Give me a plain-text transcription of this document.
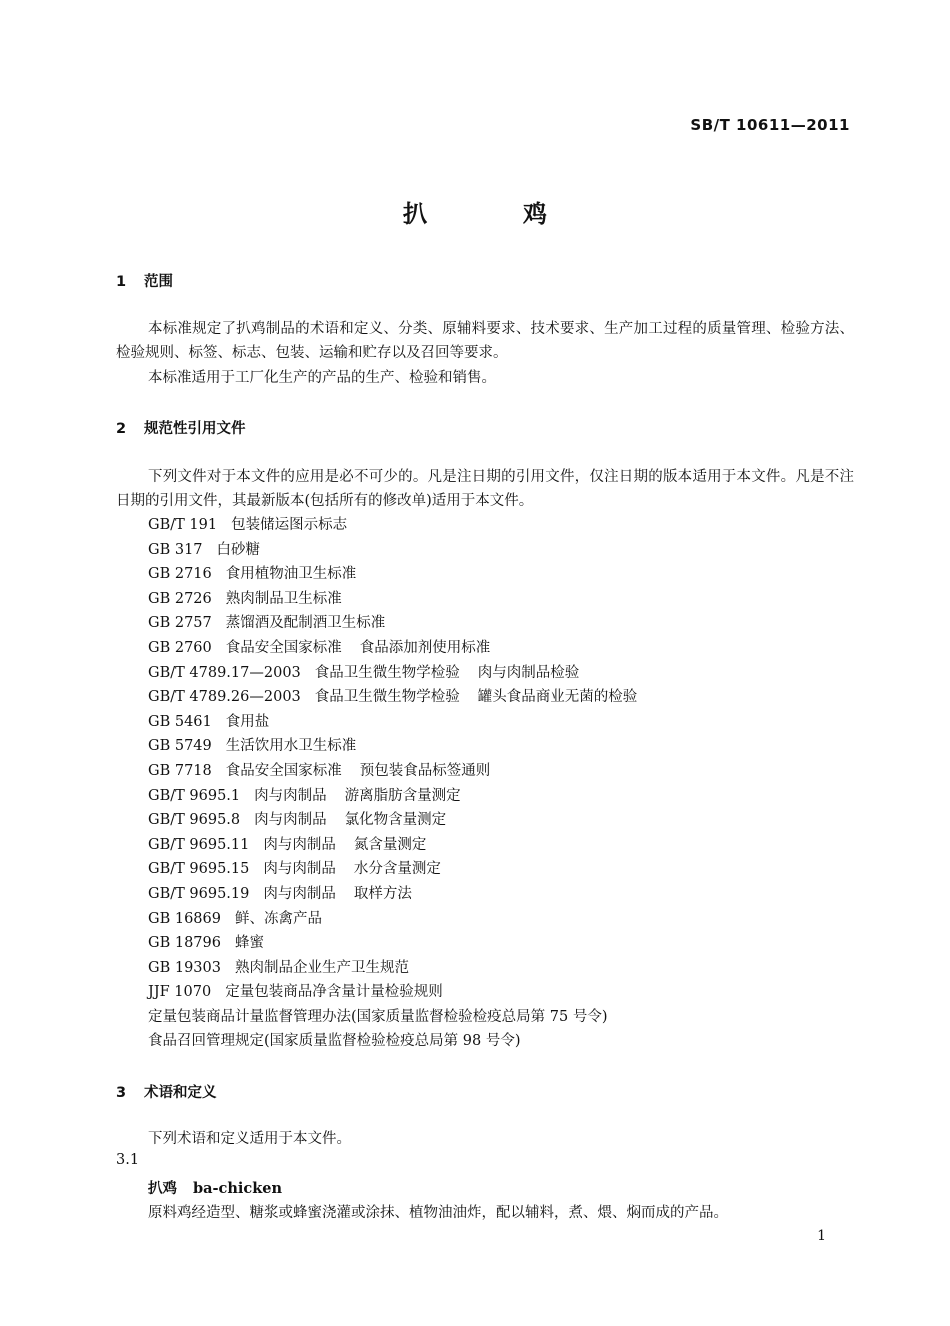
SB/T 10611—2011
扒	鸡
1 范围

本标准规定了扒鸡制品的术语和定义、分类、原辅料要求、技术要求、生产加工过程的质量管理、检验方法、检验规则、标签、标志、包装、运输和贮存以及召回等要求。

本标准适用于工厂化生产的产品的生产、检验和销售。

2 规范性引用文件

下列文件对于本文件的应用是必不可少的。凡是注日期的引用文件，仅注日期的版本适用于本文件。凡是不注日期的引用文件，其最新版本(包括所有的修改单)适用于本文件。

GB/T 191 包装储运图示标志
GB 317 白砂糖
GB 2716 食用植物油卫生标准
GB 2726 熟肉制品卫生标准
GB 2757 蒸馏酒及配制酒卫生标准
GB 2760 食品安全国家标准 食品添加剂使用标准
GB/T 4789.17—2003 食品卫生微生物学检验 肉与肉制品检验
GB/T 4789.26—2003 食品卫生微生物学检验 罐头食品商业无菌的检验
GB 5461 食用盐
GB 5749 生活饮用水卫生标准
GB 7718 食品安全国家标准 预包装食品标签通则
GB/T 9695.1 肉与肉制品 游离脂肪含量测定
GB/T 9695.8 肉与肉制品 氯化物含量测定
GB/T 9695.11 肉与肉制品 氮含量测定
GB/T 9695.15 肉与肉制品 水分含量测定
GB/T 9695.19 肉与肉制品 取样方法
GB 16869 鲜、冻禽产品
GB 18796 蜂蜜
GB 19303 熟肉制品企业生产卫生规范
JJF 1070 定量包装商品净含量计量检验规则
定量包装商品计量监督管理办法(国家质量监督检验检疫总局第 75 号令)
食品召回管理规定(国家质量监督检验检疫总局第 98 号令)
3 术语和定义

下列术语和定义适用于本文件。

3.1
扒鸡 ba-chicken
原料鸡经造型、糖浆或蜂蜜浇灌或涂抹、植物油油炸，配以辅料，煮、煨、焖而成的产品。
1
